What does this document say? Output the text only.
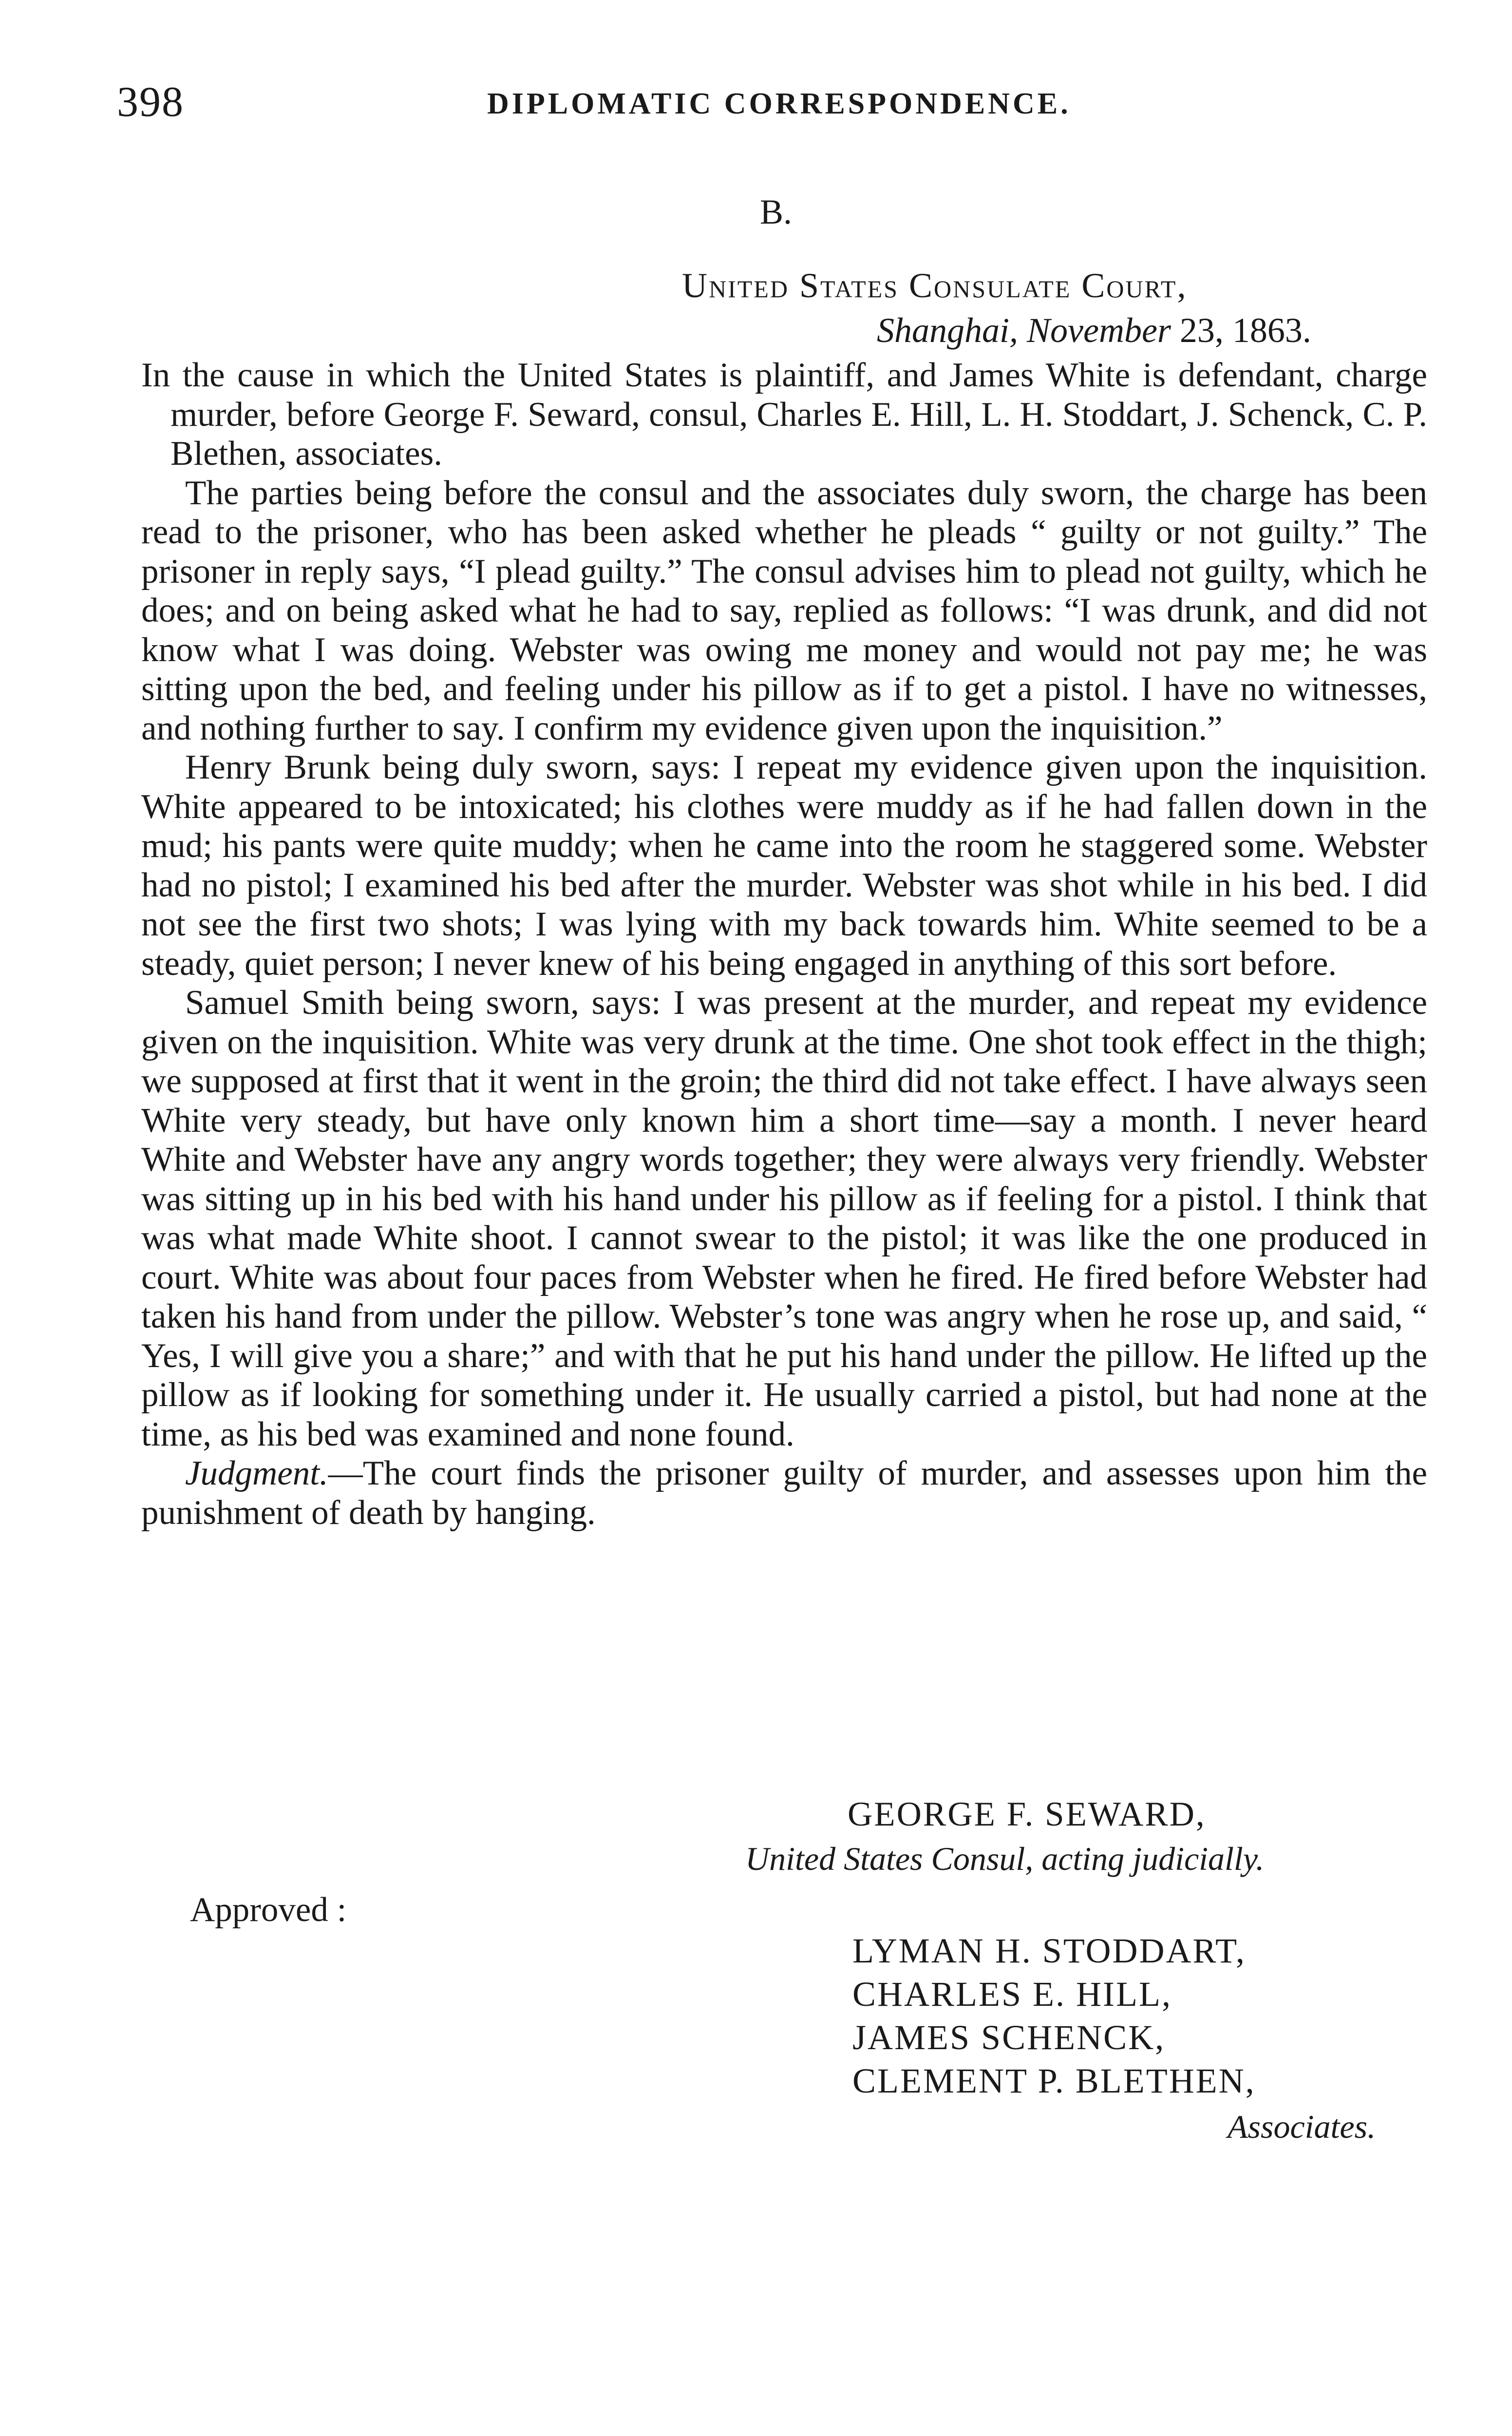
398	DIPLOMATIC CORRESPONDENCE.
B.
United States Consulate Court,
Shanghai, November 23, 1863.

In the cause in which the United States is plaintiff, and James White is defendant, charge murder, before George F. Seward, consul, Charles E. Hill, L. H. Stoddart, J. Schenck, C. P. Blethen, associates.

The parties being before the consul and the associates duly sworn, the charge has been read to the prisoner, who has been asked whether he pleads “ guilty or not guilty.” The prisoner in reply says, “I plead guilty.” The consul advises him to plead not guilty, which he does; and on being asked what he had to say, replied as follows: “I was drunk, and did not know what I was doing. Webster was owing me money and would not pay me; he was sitting upon the bed, and feeling under his pillow as if to get a pistol. I have no witnesses, and nothing further to say. I confirm my evidence given upon the inquisition.”

Henry Brunk being duly sworn, says: I repeat my evidence given upon the inquisition. White appeared to be intoxicated; his clothes were muddy as if he had fallen down in the mud; his pants were quite muddy; when he came into the room he staggered some. Webster had no pistol; I examined his bed after the murder. Webster was shot while in his bed. I did not see the first two shots; I was lying with my back towards him. White seemed to be a steady, quiet person; I never knew of his being engaged in anything of this sort before.

Samuel Smith being sworn, says: I was present at the murder, and repeat my evidence given on the inquisition. White was very drunk at the time. One shot took effect in the thigh; we supposed at first that it went in the groin; the third did not take effect. I have always seen White very steady, but have only known him a short time—say a month. I never heard White and Webster have any angry words together; they were always very friendly. Webster was sitting up in his bed with his hand under his pillow as if feeling for a pistol. I think that was what made White shoot. I cannot swear to the pistol; it was like the one produced in court. White was about four paces from Webster when he fired. He fired before Webster had taken his hand from under the pillow. Webster’s tone was angry when he rose up, and said, “ Yes, I will give you a share;” and with that he put his hand under the pillow. He lifted up the pillow as if looking for something under it. He usually carried a pistol, but had none at the time, as his bed was examined and none found.

Judgment.—The court finds the prisoner guilty of murder, and assesses upon him the punishment of death by hanging.

GEORGE F. SEWARD,
United States Consul, acting judicially.
Approved :
LYMAN H. STODDART,
CHARLES E. HILL,
JAMES SCHENCK,
CLEMENT P. BLETHEN,
Associates.
